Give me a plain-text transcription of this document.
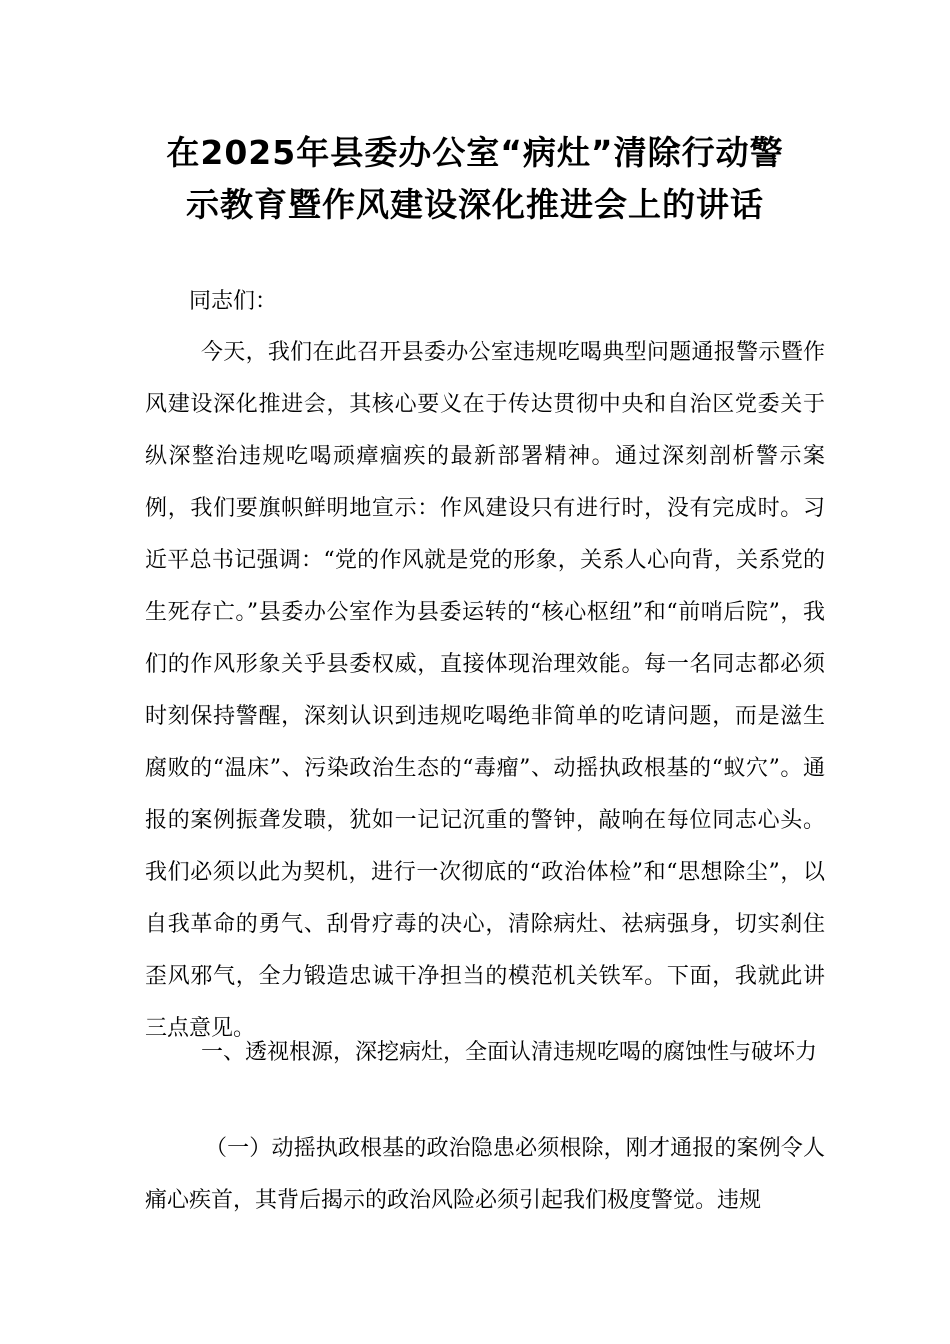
在2025年县委办公室“病灶”清除行动警
示教育暨作风建设深化推进会上的讲话

同志们：

今天，我们在此召开县委办公室违规吃喝典型问题通报警示暨作风建设深化推进会，其核心要义在于传达贯彻中央和自治区党委关于纵深整治违规吃喝顽瘴痼疾的最新部署精神。通过深刻剖析警示案例，我们要旗帜鲜明地宣示：作风建设只有进行时，没有完成时。习近平总书记强调：“党的作风就是党的形象，关系人心向背，关系党的生死存亡。”县委办公室作为县委运转的“核心枢纽”和“前哨后院”，我们的作风形象关乎县委权威，直接体现治理效能。每一名同志都必须时刻保持警醒，深刻认识到违规吃喝绝非简单的吃请问题，而是滋生腐败的“温床”、污染政治生态的“毒瘤”、动摇执政根基的“蚁穴”。通报的案例振聋发聩，犹如一记记沉重的警钟，敲响在每位同志心头。我们必须以此为契机，进行一次彻底的“政治体检”和“思想除尘”，以自我革命的勇气、刮骨疗毒的决心，清除病灶、祛病强身，切实刹住歪风邪气，全力锻造忠诚干净担当的模范机关铁军。下面，我就此讲三点意见。

一、透视根源，深挖病灶，全面认清违规吃喝的腐蚀性与破坏力

（一）动摇执政根基的政治隐患必须根除，刚才通报的案例令人痛心疾首，其背后揭示的政治风险必须引起我们极度警觉。违规
